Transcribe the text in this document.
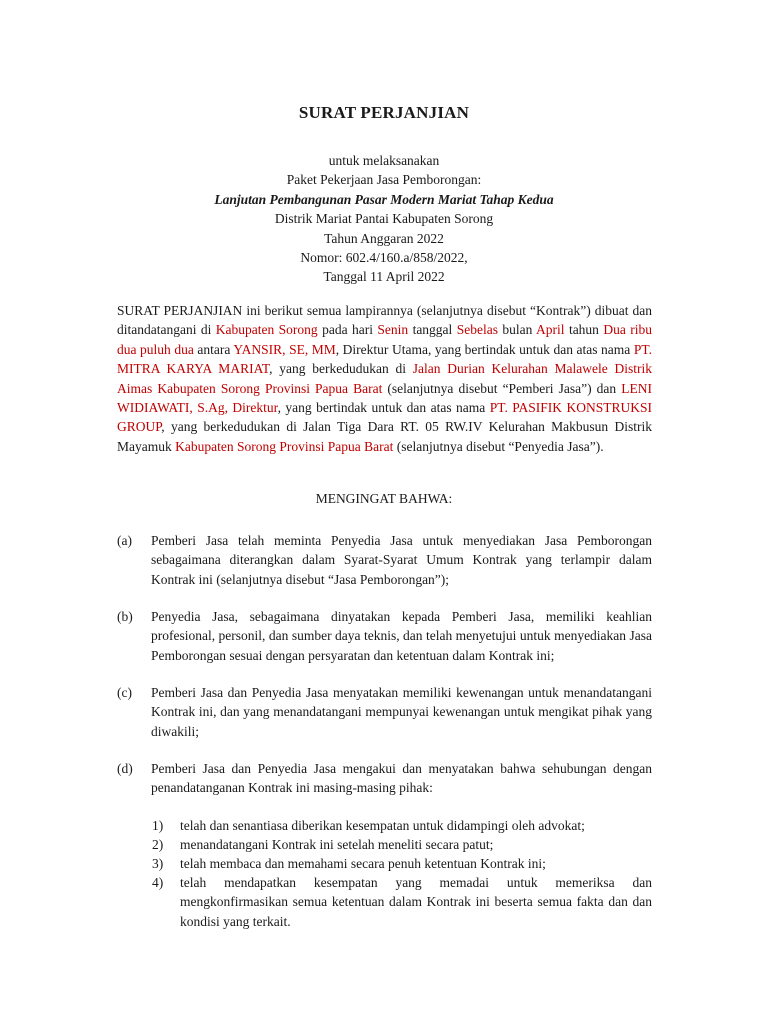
SURAT PERJANJIAN
untuk melaksanakan
Paket Pekerjaan Jasa Pemborongan:
Lanjutan Pembangunan Pasar Modern Mariat Tahap Kedua
Distrik Mariat Pantai Kabupaten Sorong
Tahun Anggaran 2022
Nomor: 602.4/160.a/858/2022,
Tanggal 11 April 2022
SURAT PERJANJIAN ini berikut semua lampirannya (selanjutnya disebut “Kontrak”) dibuat dan ditandatangani di Kabupaten Sorong pada hari Senin tanggal Sebelas bulan April tahun Dua ribu dua puluh dua antara YANSIR, SE, MM, Direktur Utama, yang bertindak untuk dan atas nama PT. MITRA KARYA MARIAT, yang berkedudukan di Jalan Durian Kelurahan Malawele Distrik Aimas Kabupaten Sorong Provinsi Papua Barat (selanjutnya disebut “Pemberi Jasa”) dan LENI WIDIAWATI, S.Ag, Direktur, yang bertindak untuk dan atas nama PT. PASIFIK KONSTRUKSI GROUP, yang berkedudukan di Jalan Tiga Dara RT. 05 RW.IV Kelurahan Makbusun Distrik Mayamuk Kabupaten Sorong Provinsi Papua Barat (selanjutnya disebut “Penyedia Jasa”).
MENGINGAT BAHWA:
(a) Pemberi Jasa telah meminta Penyedia Jasa untuk menyediakan Jasa Pemborongan sebagaimana diterangkan dalam Syarat-Syarat Umum Kontrak yang terlampir dalam Kontrak ini (selanjutnya disebut “Jasa Pemborongan”);
(b) Penyedia Jasa, sebagaimana dinyatakan kepada Pemberi Jasa, memiliki keahlian profesional, personil, dan sumber daya teknis, dan telah menyetujui untuk menyediakan Jasa Pemborongan sesuai dengan persyaratan dan ketentuan dalam Kontrak ini;
(c) Pemberi Jasa dan Penyedia Jasa menyatakan memiliki kewenangan untuk menandatangani Kontrak ini, dan yang menandatangani mempunyai kewenangan untuk mengikat pihak yang diwakili;
(d) Pemberi Jasa dan Penyedia Jasa mengakui dan menyatakan bahwa sehubungan dengan penandatanganan Kontrak ini masing-masing pihak:
1) telah dan senantiasa diberikan kesempatan untuk didampingi oleh advokat;
2) menandatangani Kontrak ini setelah meneliti secara patut;
3) telah membaca dan memahami secara penuh ketentuan Kontrak ini;
4) telah mendapatkan kesempatan yang memadai untuk memeriksa dan mengkonfirmasikan semua ketentuan dalam Kontrak ini beserta semua fakta dan dan kondisi yang terkait.
